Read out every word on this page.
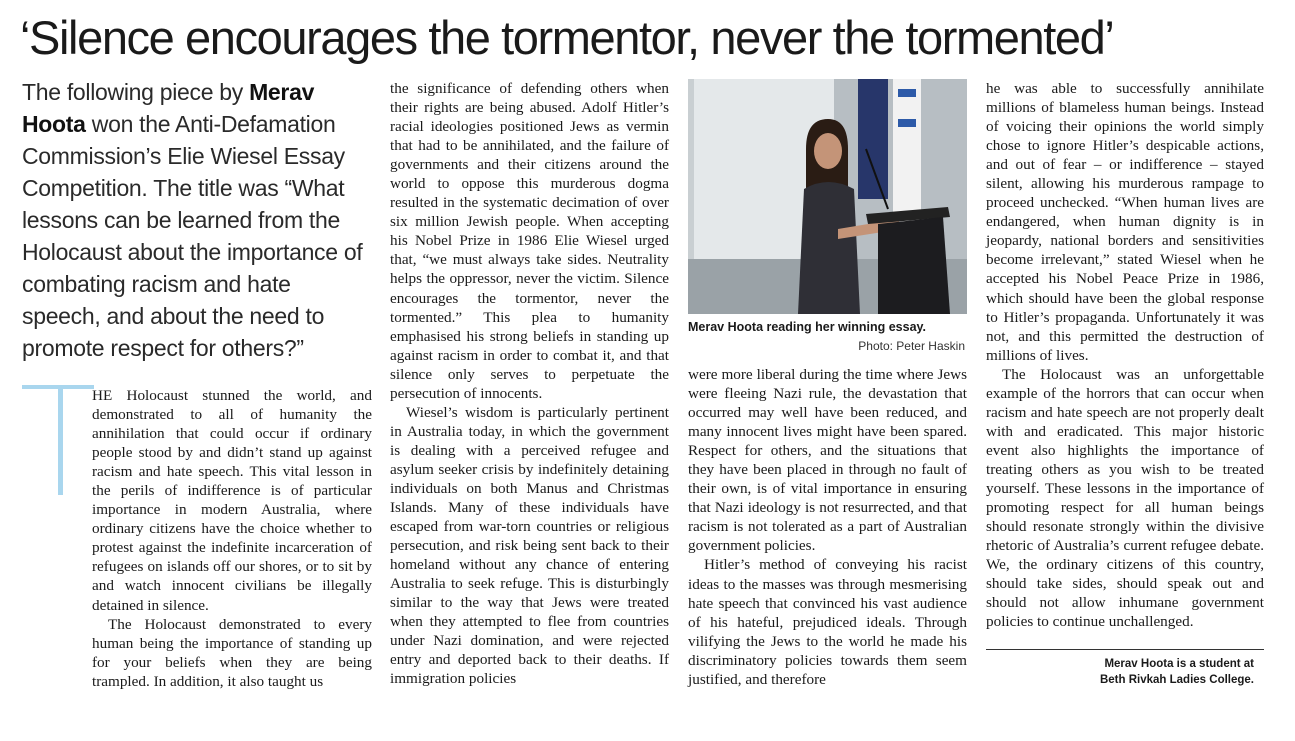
‘Silence encourages the tormentor, never the tormented’

The following piece by Merav Hoota won the Anti-Defamation Commission’s Elie Wiesel Essay Competition. The title was “What lessons can be learned from the Holocaust about the importance of combating racism and hate speech, and about the need to promote respect for others?”

HE Holocaust stunned the world, and demonstrated to all of humanity the annihilation that could occur if ordinary people stood by and didn’t stand up against racism and hate speech. This vital lesson in the perils of indifference is of particular importance in modern Australia, where ordinary citizens have the choice whether to protest against the indefinite incarceration of refugees on islands off our shores, or to sit by and watch innocent civilians be illegally detained in silence.

The Holocaust demonstrated to every human being the importance of standing up for your beliefs when they are being trampled. In addition, it also taught us

the significance of defending others when their rights are being abused. Adolf Hitler’s racial ideologies positioned Jews as vermin that had to be annihilated, and the failure of governments and their citizens around the world to oppose this murderous dogma resulted in the systematic decimation of over six million Jewish people. When accepting his Nobel Prize in 1986 Elie Wiesel urged that, “we must always take sides. Neutrality helps the oppressor, never the victim. Silence encourages the tormentor, never the tormented.” This plea to humanity emphasised his strong beliefs in standing up against racism in order to combat it, and that silence only serves to perpetuate the persecution of innocents.

Wiesel’s wisdom is particularly pertinent in Australia today, in which the government is dealing with a perceived refugee and asylum seeker crisis by indefinitely detaining individuals on both Manus and Christmas Islands. Many of these individuals have escaped from war-torn countries or religious persecution, and risk being sent back to their homeland without any chance of entering Australia to seek refuge. This is disturbingly similar to the way that Jews were treated when they attempted to flee from countries under Nazi domination, and were rejected entry and deported back to their deaths. If immigration policies

Merav Hoota reading her winning essay.
Photo: Peter Haskin

were more liberal during the time where Jews were fleeing Nazi rule, the devastation that occurred may well have been reduced, and many innocent lives might have been spared. Respect for others, and the situations that they have been placed in through no fault of their own, is of vital importance in ensuring that Nazi ideology is not resurrected, and that racism is not tolerated as a part of Australian government policies.

Hitler’s method of conveying his racist ideas to the masses was through mesmerising hate speech that convinced his vast audience of his hateful, prejudiced ideals. Through vilifying the Jews to the world he made his discriminatory policies towards them seem justified, and therefore

he was able to successfully annihilate millions of blameless human beings. Instead of voicing their opinions the world simply chose to ignore Hitler’s despicable actions, and out of fear – or indifference – stayed silent, allowing his murderous rampage to proceed unchecked. “When human lives are endangered, when human dignity is in jeopardy, national borders and sensitivities become irrelevant,” stated Wiesel when he accepted his Nobel Peace Prize in 1986, which should have been the global response to Hitler’s propaganda. Unfortunately it was not, and this permitted the destruction of millions of lives.

The Holocaust was an unforgettable example of the horrors that can occur when racism and hate speech are not properly dealt with and eradicated. This major historic event also highlights the importance of treating others as you wish to be treated yourself. These lessons in the importance of promoting respect for all human beings should resonate strongly within the divisive rhetoric of Australia’s current refugee debate. We, the ordinary citizens of this country, should take sides, should speak out and should not allow inhumane government policies to continue unchallenged.

Merav Hoota is a student at
Beth Rivkah Ladies College.
